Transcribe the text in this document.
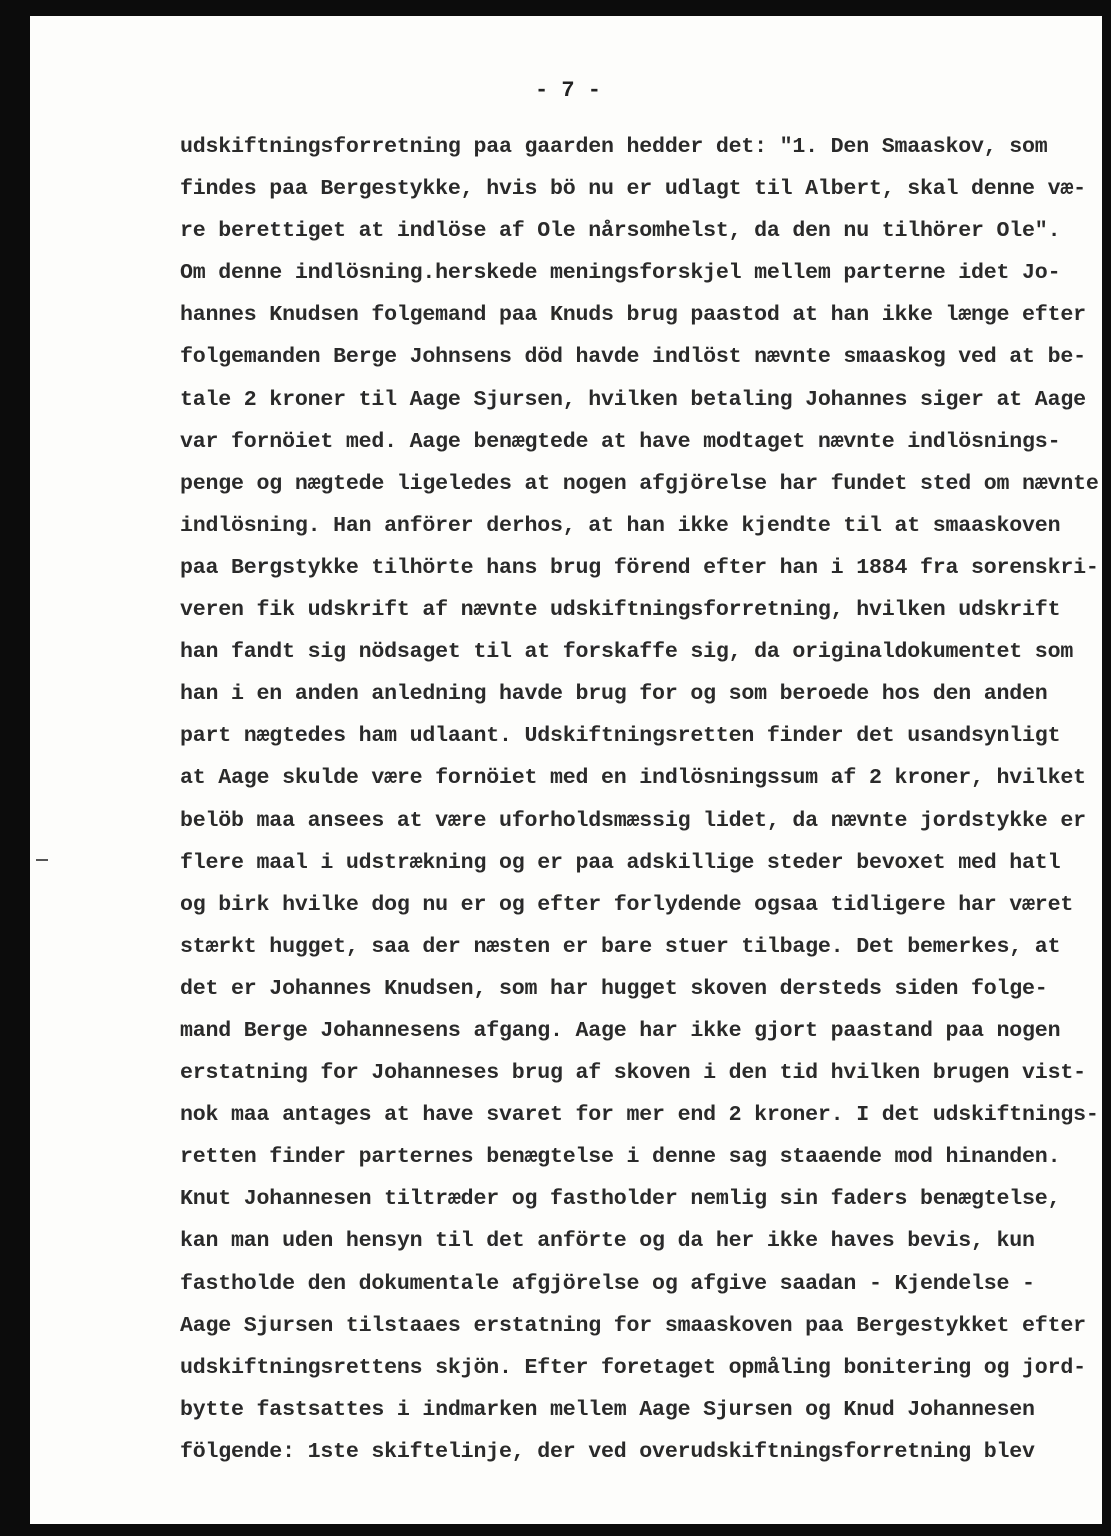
- 7 -
udskiftningsforretning paa gaarden hedder det: "1. Den Smaaskov, som
findes paa Bergestykke, hvis bö nu er udlagt til Albert, skal denne væ-
re berettiget at indlöse af Ole nårsomhelst, da den nu tilhörer Ole".
Om denne indlösning.herskede meningsforskjel mellem parterne idet Jo-
hannes Knudsen folgemand paa Knuds brug paastod at han ikke længe efter
folgemanden Berge Johnsens död havde indlöst nævnte smaaskog ved at be-
tale 2 kroner til Aage Sjursen, hvilken betaling Johannes siger at Aage
var fornöiet med. Aage benægtede at have modtaget nævnte indlösnings-
penge og nægtede ligeledes at nogen afgjörelse har fundet sted om nævnte
indlösning. Han anförer derhos, at han ikke kjendte til at smaaskoven
paa Bergstykke tilhörte hans brug förend efter han i 1884 fra sorenskri-
veren fik udskrift af nævnte udskiftningsforretning, hvilken udskrift
han fandt sig nödsaget til at forskaffe sig, da originaldokumentet som
han i en anden anledning havde brug for og som beroede hos den anden
part nægtedes ham udlaant. Udskiftningsretten finder det usandsynligt
at Aage skulde være fornöiet med en indlösningssum af 2 kroner, hvilket
belöb maa ansees at være uforholdsmæssig lidet, da nævnte jordstykke er
flere maal i udstrækning og er paa adskillige steder bevoxet med hatl
og birk hvilke dog nu er og efter forlydende ogsaa tidligere har været
stærkt hugget, saa der næsten er bare stuer tilbage. Det bemerkes, at
det er Johannes Knudsen, som har hugget skoven dersteds siden folge-
mand Berge Johannesens afgang. Aage har ikke gjort paastand paa nogen
erstatning for Johanneses brug af skoven i den tid hvilken brugen vist-
nok maa antages at have svaret for mer end 2 kroner. I det udskiftnings-
retten finder parternes benægtelse i denne sag staaende mod hinanden.
Knut Johannesen tiltræder og fastholder nemlig sin faders benægtelse,
kan man uden hensyn til det anförte og da her ikke haves bevis, kun
fastholde den dokumentale afgjörelse og afgive saadan - Kjendelse -
Aage Sjursen tilstaaes erstatning for smaaskoven paa Bergestykket efter
udskiftningsrettens skjön. Efter foretaget opmåling bonitering og jord-
bytte fastsattes i indmarken mellem Aage Sjursen og Knud Johannesen
fölgende: 1ste skiftelinje, der ved overudskiftningsforretning blev
